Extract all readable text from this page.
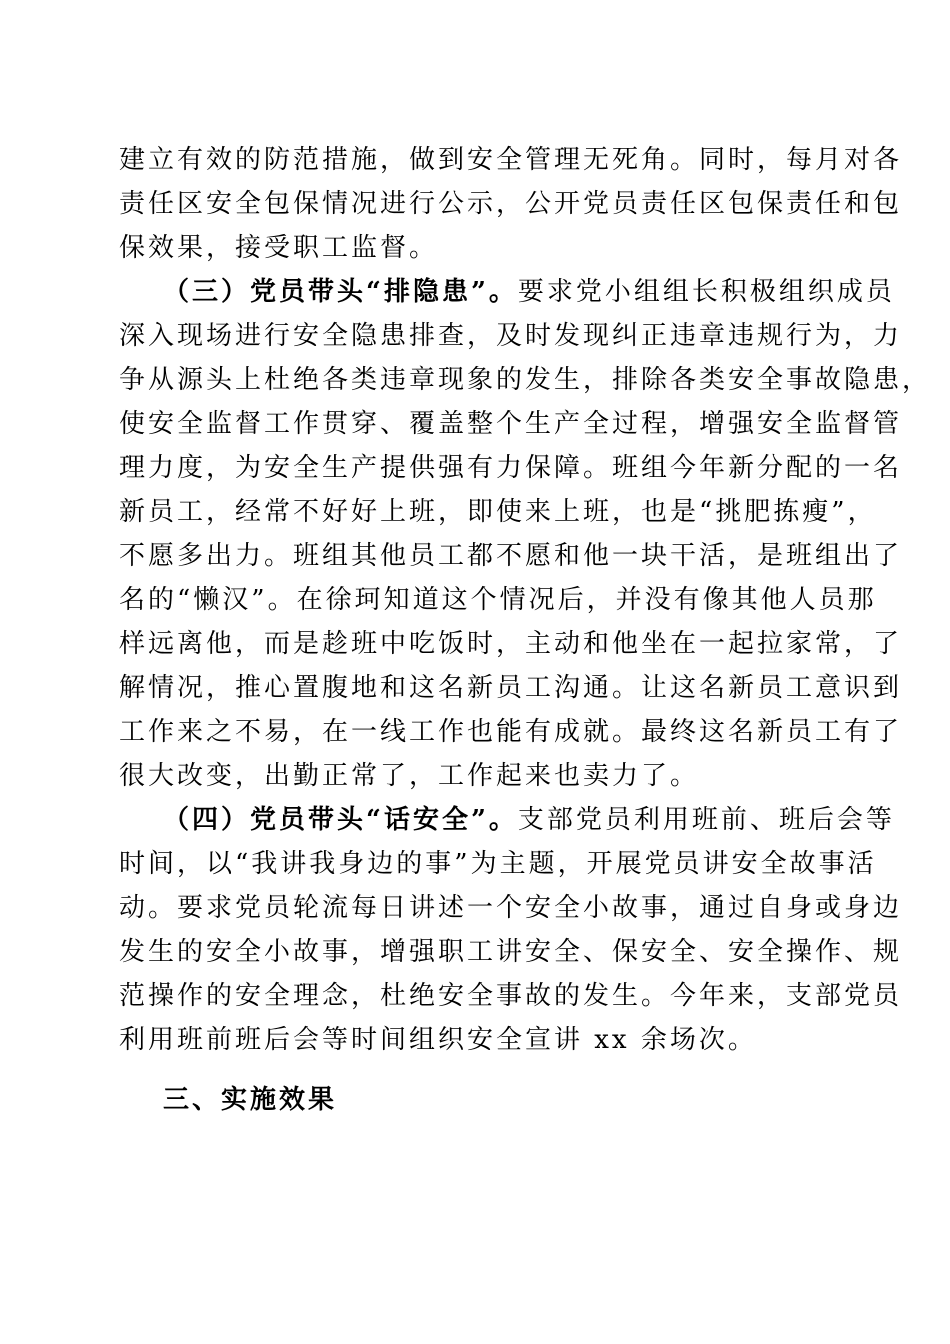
建立有效的防范措施，做到安全管理无死角。同时，每月对各
责任区安全包保情况进行公示，公开党员责任区包保责任和包
保效果，接受职工监督。
（三）党员带头“排隐患”。要求党小组组长积极组织成员
深入现场进行安全隐患排查，及时发现纠正违章违规行为，力
争从源头上杜绝各类违章现象的发生，排除各类安全事故隐患，
使安全监督工作贯穿、覆盖整个生产全过程，增强安全监督管
理力度，为安全生产提供强有力保障。班组今年新分配的一名
新员工，经常不好好上班，即使来上班，也是“挑肥拣瘦”，
不愿多出力。班组其他员工都不愿和他一块干活，是班组出了
名的“懒汉”。在徐珂知道这个情况后，并没有像其他人员那
样远离他，而是趁班中吃饭时，主动和他坐在一起拉家常，了
解情况，推心置腹地和这名新员工沟通。让这名新员工意识到
工作来之不易，在一线工作也能有成就。最终这名新员工有了
很大改变，出勤正常了，工作起来也卖力了。
（四）党员带头“话安全”。支部党员利用班前、班后会等
时间，以“我讲我身边的事”为主题，开展党员讲安全故事活
动。要求党员轮流每日讲述一个安全小故事，通过自身或身边
发生的安全小故事，增强职工讲安全、保安全、安全操作、规
范操作的安全理念，杜绝安全事故的发生。今年来，支部党员
利用班前班后会等时间组织安全宣讲 xx 余场次。
三、实施效果
